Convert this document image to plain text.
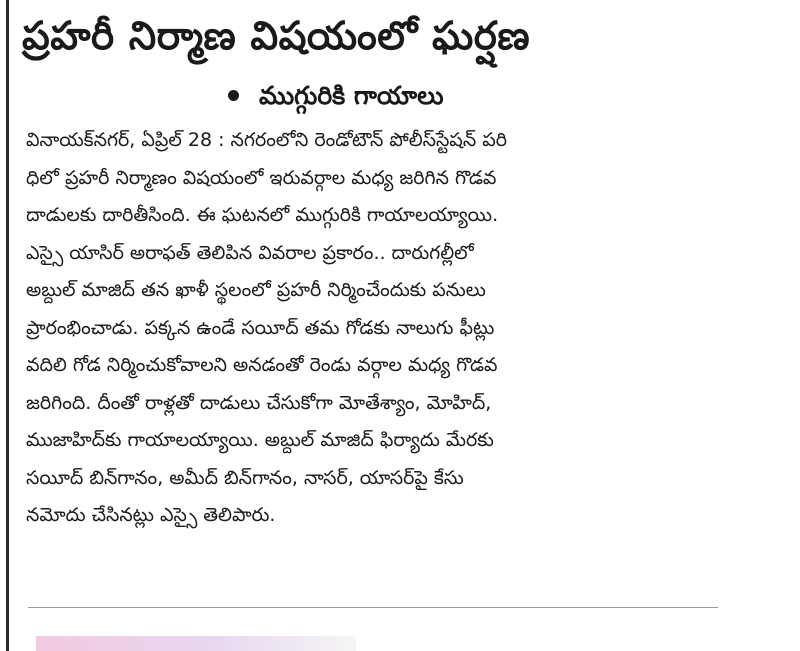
ప్రహరీ నిర్మాణ విషయంలో ఘర్షణ
ముగ్గురికి గాయాలు
వినాయక్‌నగర్, ఏప్రిల్ 28 : నగరంలోని రెండోటౌన్ పోలీస్‌స్టేషన్ పరి
ధిలో ప్రహరీ నిర్మాణం విషయంలో ఇరువర్గాల మధ్య జరిగిన గొడవ
దాడులకు దారితీసింది. ఈ ఘటనలో ముగ్గురికి గాయాలయ్యాయి.
ఎస్సై యాసిర్ అరాఫత్ తెలిపిన వివరాల ప్రకారం.. దారుగల్లీలో
అబ్దుల్ మాజిద్ తన ఖాళీ స్థలంలో ప్రహరీ నిర్మించేందుకు పనులు
ప్రారంభించాడు. పక్కన ఉండే సయీద్ తమ గోడకు నాలుగు ఫీట్లు
వదిలి గోడ నిర్మించుకోవాలని అనడంతో రెండు వర్గాల మధ్య గొడవ
జరిగింది. దీంతో రాళ్లతో దాడులు చేసుకోగా మోతేశ్యాం, మోహిద్,
ముజాహిద్‌కు గాయాలయ్యాయి. అబ్దుల్ మాజిద్ ఫిర్యాదు మేరకు
సయీద్ బిన్‌గానం, అమీద్ బిన్‌గానం, నాసర్, యాసర్‌పై కేసు
నమోదు చేసినట్లు ఎస్సై తెలిపారు.
